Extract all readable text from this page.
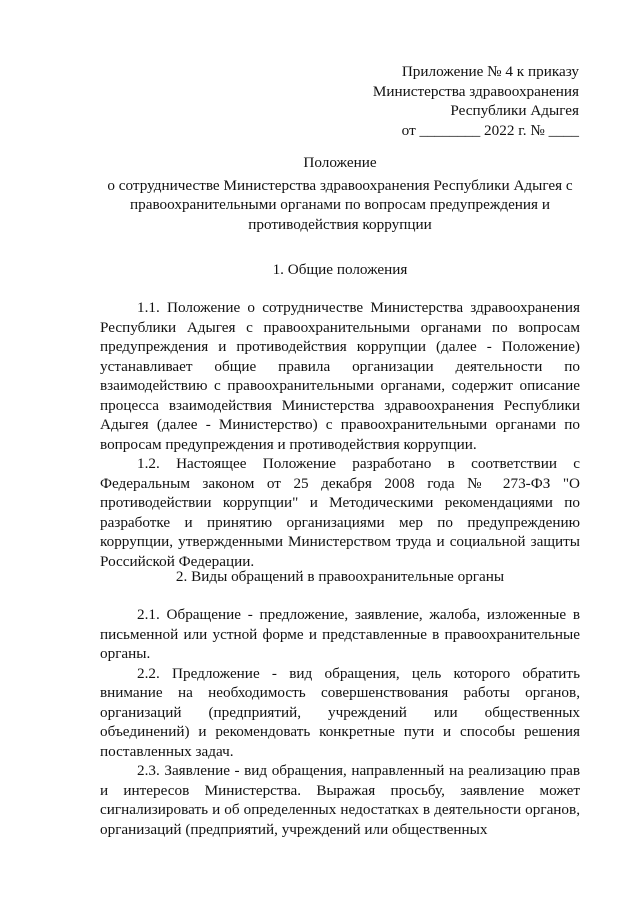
Приложение № 4 к приказу
Министерства здравоохранения
Республики Адыгея
от ________ 2022 г. № ____
Положение
о сотрудничестве Министерства здравоохранения Республики Адыгея с
правоохранительными органами по вопросам предупреждения и
противодействия коррупции
1. Общие положения

1.1. Положение о сотрудничестве Министерства здравоохранения Республики Адыгея с правоохранительными органами по вопросам предупреждения и противодействия коррупции (далее - Положение) устанавливает общие правила организации деятельности по взаимодействию с правоохранительными органами, содержит описание процесса взаимодействия Министерства здравоохранения Республики Адыгея (далее - Министерство) с правоохранительными органами по вопросам предупреждения и противодействия коррупции.

1.2. Настоящее Положение разработано в соответствии с Федеральным законом от 25 декабря 2008 года № 273-ФЗ "О противодействии коррупции" и Методическими рекомендациями по разработке и принятию организациями мер по предупреждению коррупции, утвержденными Министерством труда и социальной защиты Российской Федерации.

2. Виды обращений в правоохранительные органы

2.1. Обращение - предложение, заявление, жалоба, изложенные в письменной или устной форме и представленные в правоохранительные органы.

2.2. Предложение - вид обращения, цель которого обратить внимание на необходимость совершенствования работы органов, организаций (предприятий, учреждений или общественных объединений) и рекомендовать конкретные пути и способы решения поставленных задач.

2.3. Заявление - вид обращения, направленный на реализацию прав и интересов Министерства. Выражая просьбу, заявление может сигнализировать и об определенных недостатках в деятельности органов, организаций (предприятий, учреждений или общественных
